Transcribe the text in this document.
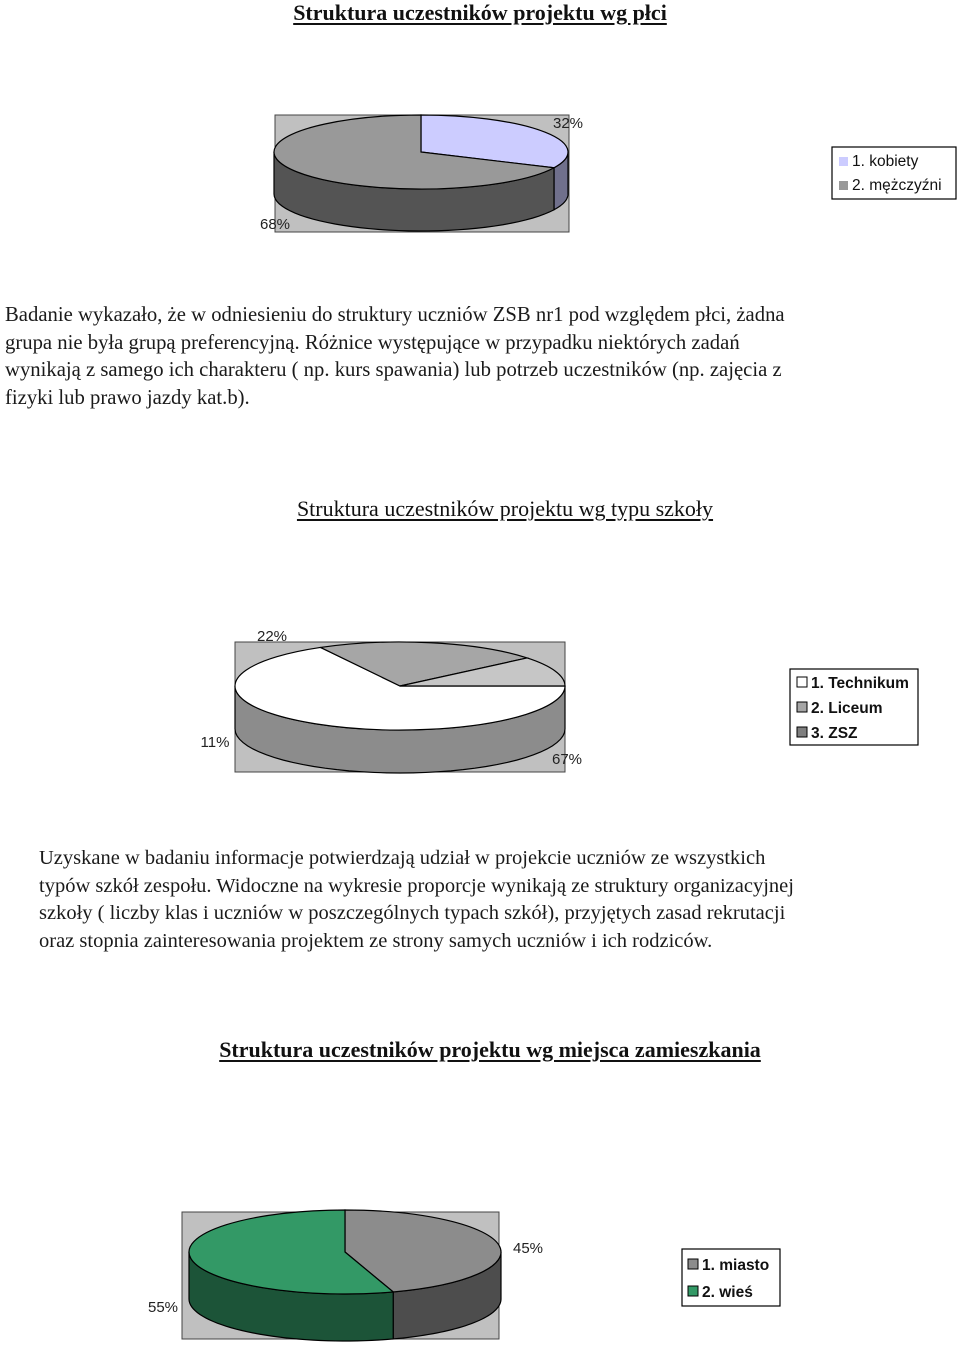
Struktura uczestników projektu wg płci
32%
68%
1. kobiety
2. mężczyźni
Badanie wykazało, że w odniesieniu do struktury uczniów ZSB nr1 pod względem płci, żadna
grupa nie była grupą preferencyjną. Różnice występujące w przypadku niektórych zadań
wynikają z samego ich charakteru ( np. kurs spawania) lub potrzeb uczestników (np. zajęcia z
fizyki lub prawo jazdy kat.b).
Struktura uczestników projektu wg typu szkoły
22%
11%
67%
1. Technikum
2. Liceum
3. ZSZ
Uzyskane w badaniu informacje potwierdzają udział w projekcie uczniów ze wszystkich
typów szkół zespołu. Widoczne na wykresie proporcje wynikają ze struktury organizacyjnej
szkoły ( liczby klas i uczniów w poszczególnych typach szkół), przyjętych zasad rekrutacji
oraz stopnia zainteresowania projektem ze strony samych uczniów i ich rodziców.
Struktura uczestników projektu wg miejsca zamieszkania
45%
55%
1. miasto
2. wieś
